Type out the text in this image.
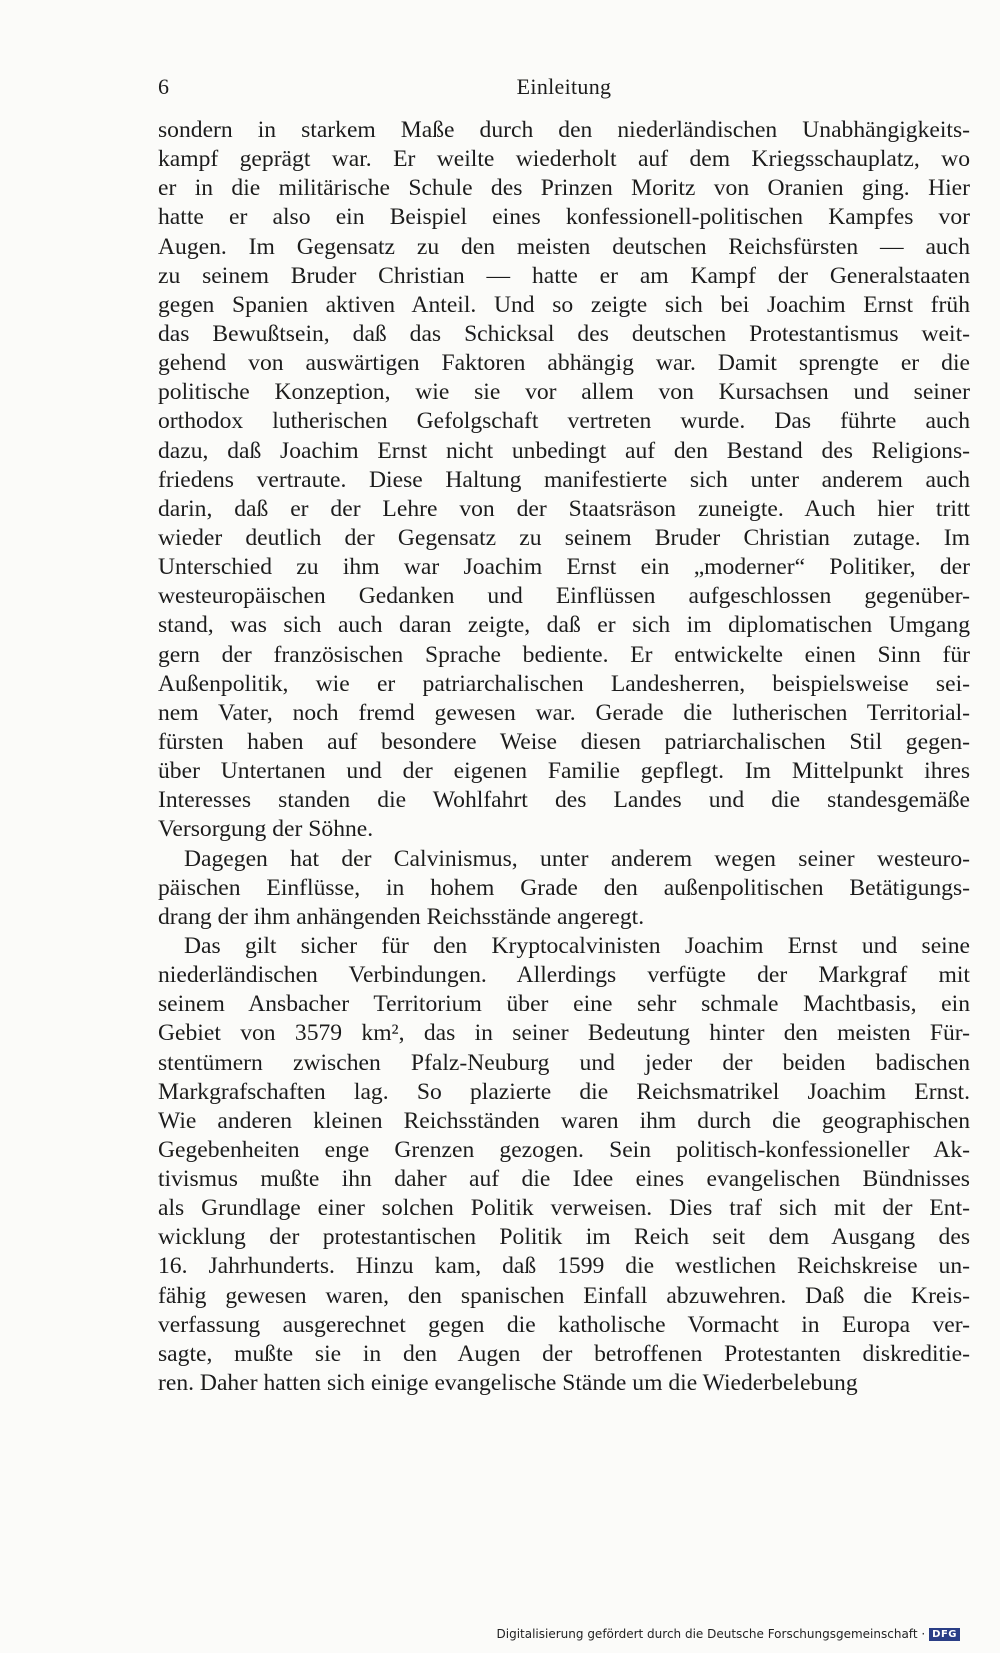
6	Einleitung
sondern in starkem Maße durch den niederländischen Unabhängigkeits-
kampf geprägt war. Er weilte wiederholt auf dem Kriegsschauplatz, wo
er in die militärische Schule des Prinzen Moritz von Oranien ging. Hier
hatte er also ein Beispiel eines konfessionell-politischen Kampfes vor
Augen. Im Gegensatz zu den meisten deutschen Reichsfürsten — auch
zu seinem Bruder Christian — hatte er am Kampf der Generalstaaten
gegen Spanien aktiven Anteil. Und so zeigte sich bei Joachim Ernst früh
das Bewußtsein, daß das Schicksal des deutschen Protestantismus weit-
gehend von auswärtigen Faktoren abhängig war. Damit sprengte er die
politische Konzeption, wie sie vor allem von Kursachsen und seiner
orthodox lutherischen Gefolgschaft vertreten wurde. Das führte auch
dazu, daß Joachim Ernst nicht unbedingt auf den Bestand des Religions-
friedens vertraute. Diese Haltung manifestierte sich unter anderem auch
darin, daß er der Lehre von der Staatsräson zuneigte. Auch hier tritt
wieder deutlich der Gegensatz zu seinem Bruder Christian zutage. Im
Unterschied zu ihm war Joachim Ernst ein „moderner“ Politiker, der
westeuropäischen Gedanken und Einflüssen aufgeschlossen gegenüber-
stand, was sich auch daran zeigte, daß er sich im diplomatischen Umgang
gern der französischen Sprache bediente. Er entwickelte einen Sinn für
Außenpolitik, wie er patriarchalischen Landesherren, beispielsweise sei-
nem Vater, noch fremd gewesen war. Gerade die lutherischen Territorial-
fürsten haben auf besondere Weise diesen patriarchalischen Stil gegen-
über Untertanen und der eigenen Familie gepflegt. Im Mittelpunkt ihres
Interesses standen die Wohlfahrt des Landes und die standesgemäße
Versorgung der Söhne.
Dagegen hat der Calvinismus, unter anderem wegen seiner westeuro-
päischen Einflüsse, in hohem Grade den außenpolitischen Betätigungs-
drang der ihm anhängenden Reichsstände angeregt.
Das gilt sicher für den Kryptocalvinisten Joachim Ernst und seine
niederländischen Verbindungen. Allerdings verfügte der Markgraf mit
seinem Ansbacher Territorium über eine sehr schmale Machtbasis, ein
Gebiet von 3579 km², das in seiner Bedeutung hinter den meisten Für-
stentümern zwischen Pfalz-Neuburg und jeder der beiden badischen
Markgrafschaften lag. So plazierte die Reichsmatrikel Joachim Ernst.
Wie anderen kleinen Reichsständen waren ihm durch die geographischen
Gegebenheiten enge Grenzen gezogen. Sein politisch-konfessioneller Ak-
tivismus mußte ihn daher auf die Idee eines evangelischen Bündnisses
als Grundlage einer solchen Politik verweisen. Dies traf sich mit der Ent-
wicklung der protestantischen Politik im Reich seit dem Ausgang des
16. Jahrhunderts. Hinzu kam, daß 1599 die westlichen Reichskreise un-
fähig gewesen waren, den spanischen Einfall abzuwehren. Daß die Kreis-
verfassung ausgerechnet gegen die katholische Vormacht in Europa ver-
sagte, mußte sie in den Augen der betroffenen Protestanten diskreditie-
ren. Daher hatten sich einige evangelische Stände um die Wiederbelebung
Digitalisierung gefördert durch die Deutsche Forschungsgemeinschaft · DFG
